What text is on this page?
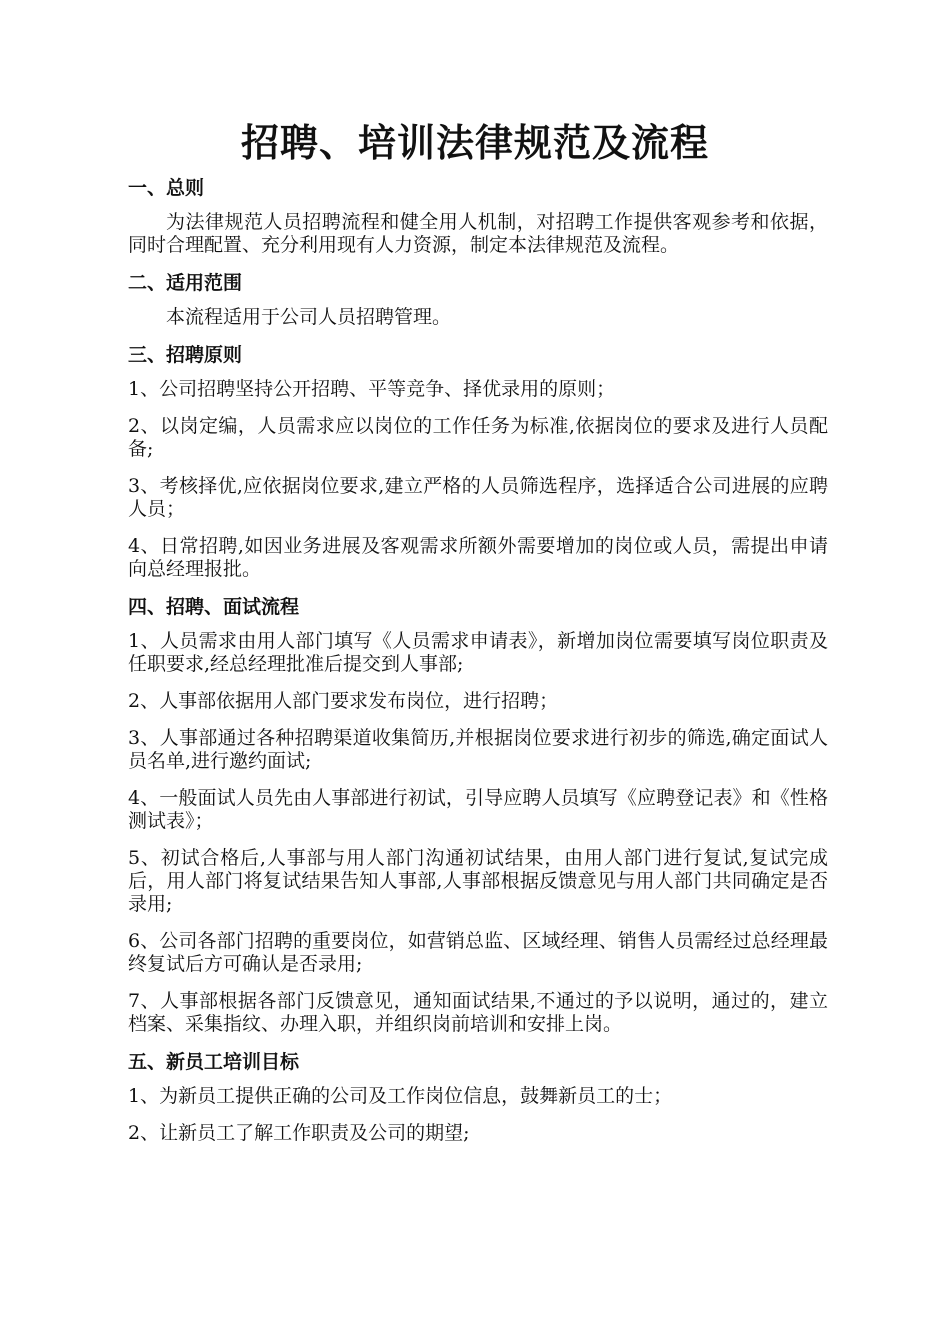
招聘、培训法律规范及流程
一、总则

为法律规范人员招聘流程和健全用人机制，对招聘工作提供客观参考和依据，同时合理配置、充分利用现有人力资源，制定本法律规范及流程。

二、适用范围

本流程适用于公司人员招聘管理。

三、招聘原则

1、公司招聘坚持公开招聘、平等竞争、择优录用的原则；

2、以岗定编，人员需求应以岗位的工作任务为标准,依据岗位的要求及进行人员配备;

3、考核择优,应依据岗位要求,建立严格的人员筛选程序，选择适合公司进展的应聘人员；

4、日常招聘,如因业务进展及客观需求所额外需要增加的岗位或人员，需提出申请向总经理报批。

四、招聘、面试流程

1、人员需求由用人部门填写《人员需求申请表》，新增加岗位需要填写岗位职责及任职要求,经总经理批准后提交到人事部;

2、人事部依据用人部门要求发布岗位，进行招聘；

3、人事部通过各种招聘渠道收集简历,并根据岗位要求进行初步的筛选,确定面试人员名单,进行邀约面试;

4、一般面试人员先由人事部进行初试，引导应聘人员填写《应聘登记表》和《性格测试表》；

5、初试合格后,人事部与用人部门沟通初试结果，由用人部门进行复试,复试完成后，用人部门将复试结果告知人事部,人事部根据反馈意见与用人部门共同确定是否录用;

6、公司各部门招聘的重要岗位，如营销总监、区域经理、销售人员需经过总经理最终复试后方可确认是否录用;

7、人事部根据各部门反馈意见，通知面试结果,不通过的予以说明，通过的，建立档案、采集指纹、办理入职，并组织岗前培训和安排上岗。

五、新员工培训目标

1、为新员工提供正确的公司及工作岗位信息，鼓舞新员工的士；

2、让新员工了解工作职责及公司的期望;
